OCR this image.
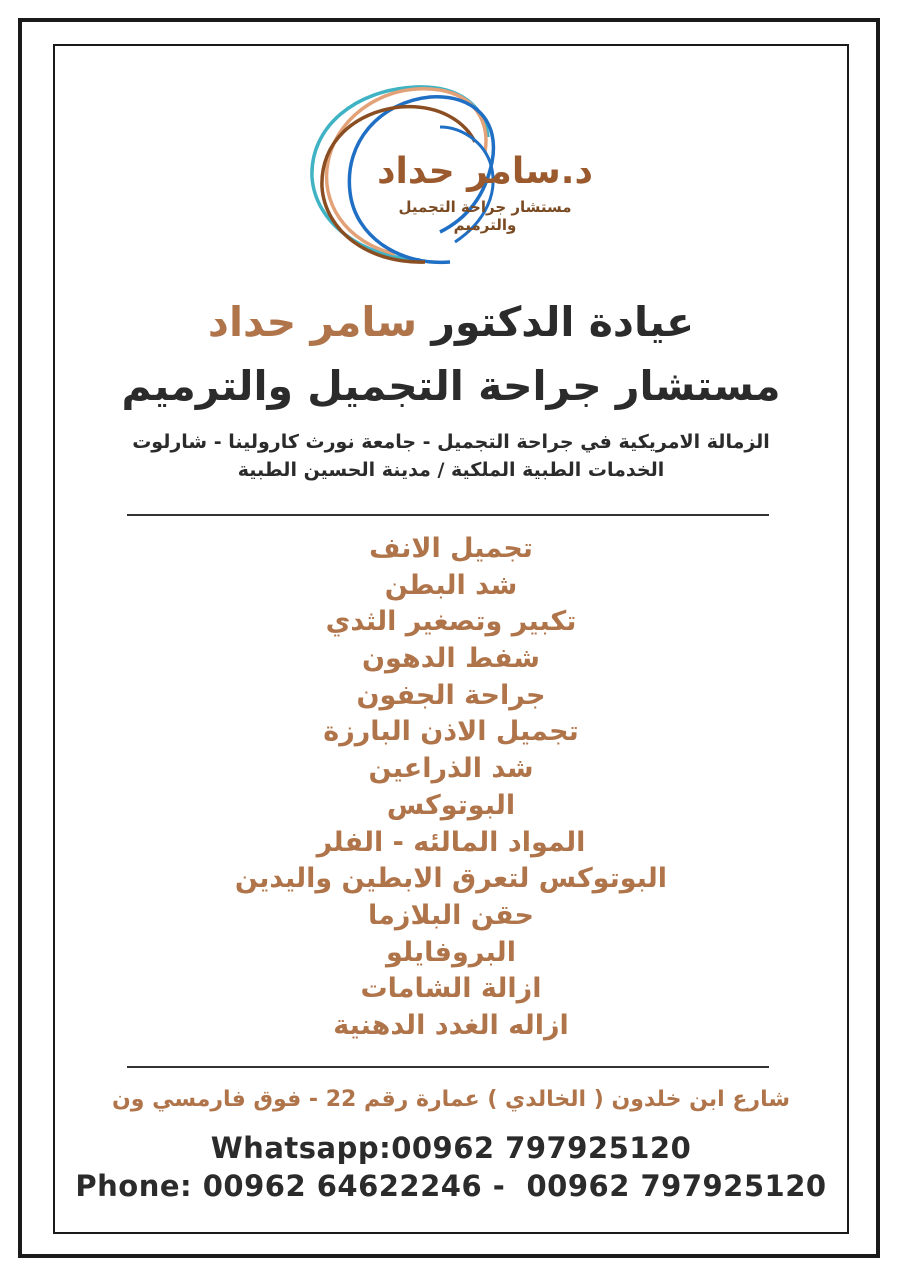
د.سامر حداد
مستشار جراحة التجميل والترميم
عيادة الدكتور سامر حداد
مستشار جراحة التجميل والترميم
الزمالة الامريكية في جراحة التجميل - جامعة نورث كارولينا - شارلوت
الخدمات الطبية الملكية / مدينة الحسين الطبية
تجميل الانف
شد البطن
تكبير وتصغير الثدي
شفط الدهون
جراحة الجفون
تجميل الاذن البارزة
شد الذراعين
البوتوكس
المواد المالئه - الفلر
البوتوكس لتعرق الابطين واليدين
حقن البلازما
البروفايلو
ازالة الشامات
ازاله الغدد الدهنية
شارع ابن خلدون ( الخالدي ) عمارة رقم 22 - فوق فارمسي ون
Whatsapp:00962 797925120
Phone: 00962 64622246 -  00962 797925120
